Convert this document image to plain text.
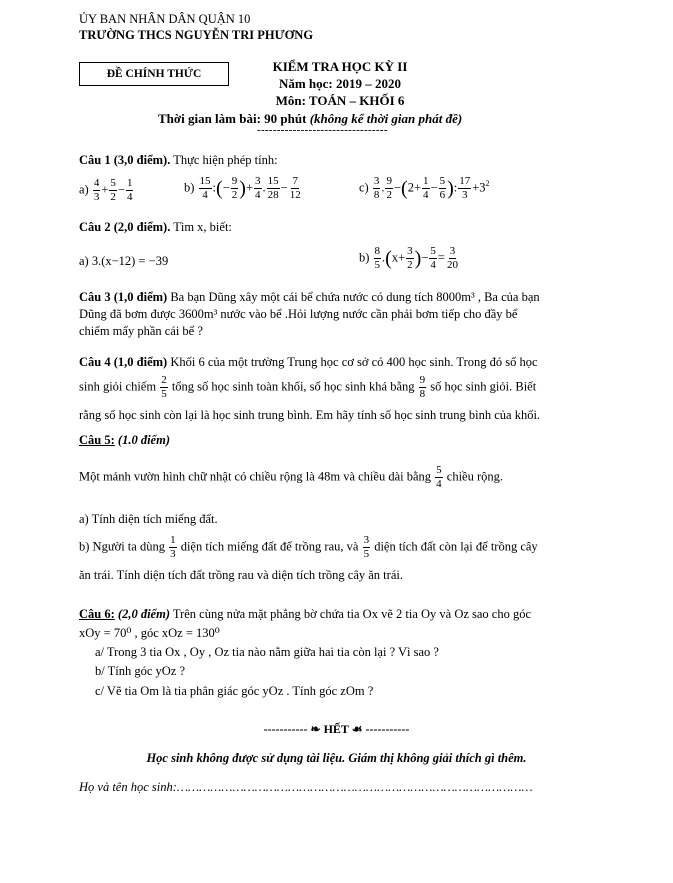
ỦY BAN NHÂN DÂN QUẬN 10
TRƯỜNG THCS NGUYỄN TRI PHƯƠNG
ĐỀ CHÍNH THỨC	KIỂM TRA HỌC KỲ II
Năm học: 2019 – 2020
Môn: TOÁN – KHỐI 6
Thời gian làm bài: 90 phút (không kể thời gian phát đề)
---------------------------------
Câu 1 (3,0 điểm). Thực hiện phép tính:
$a) \frac{4}{3} + \frac{5}{2} - \frac{1}{4}$	$b) \frac{15}{4}$ :(− $\frac{9}{2}$ )+ $\frac{3}{4}$ . $\frac{15}{28} - \frac{7}{12}$	$c) \frac{3}{8}$ . $\frac{9}{2} -(2+ \frac{1}{4} - \frac{5}{6}$ ): $\frac{17}{3} +3^2$
Câu 2 (2,0 điểm). Tìm x, biết:
a) 3.(x−12) = −39	$b) \frac{8}{5} .(x+ \frac{3}{2}$ )− $\frac{5}{4} = \frac{3}{20}$
Câu 3 (1,0 điểm) Ba bạn Dũng xây một cái bể chứa nước có dung tích 8000m³ , Ba của bạn
Dũng đã bơm được 3600m³ nước vào bể .Hỏi lượng nước cần phải bơm tiếp cho đầy bể
chiếm mấy phần cái bể ?
Câu 4 (1,0 điểm) Khối 6 của một trường Trung học cơ sở có 400 học sinh. Trong đó số học
sinh giỏi chiếm $\frac{2}{5}$ tổng số học sinh toàn khối, số học sinh khá bằng $\frac{9}{8}$ số học sinh giỏi. Biết
rằng số học sinh còn lại là học sinh trung bình. Em hãy tính số học sinh trung bình của khối.
Câu 5: (1.0 điểm)
Một mảnh vườn hình chữ nhật có chiều rộng là 48m và chiều dài bằng $\frac{5}{4}$ chiều rộng.
a) Tính diện tích miếng đất.
b) Người ta dùng $\frac{1}{3}$ diện tích miếng đất để trồng rau, và $\frac{3}{5}$ diện tích đất còn lại để trồng cây
ăn trái. Tính diện tích đất trồng rau và diện tích trồng cây ăn trái.
Câu 6: (2,0 điểm) Trên cùng nửa mặt phẳng bờ chứa tia Ox vẽ 2 tia Oy và Oz sao cho góc
xOy = 70⁰ , góc xOz = 130⁰
a/ Trong 3 tia Ox , Oy , Oz tia nào nằm giữa hai tia còn lại ? Vì sao ?
b/ Tính góc yOz ?
c/ Vẽ tia Om là tia phân giác góc yOz . Tính góc zOm ?
----------- ❧ HẾT ☙ -----------
Học sinh không được sử dụng tài liệu. Giám thị không giải thích gì thêm.
Họ và tên học sinh:……………………………………………………………………………………
